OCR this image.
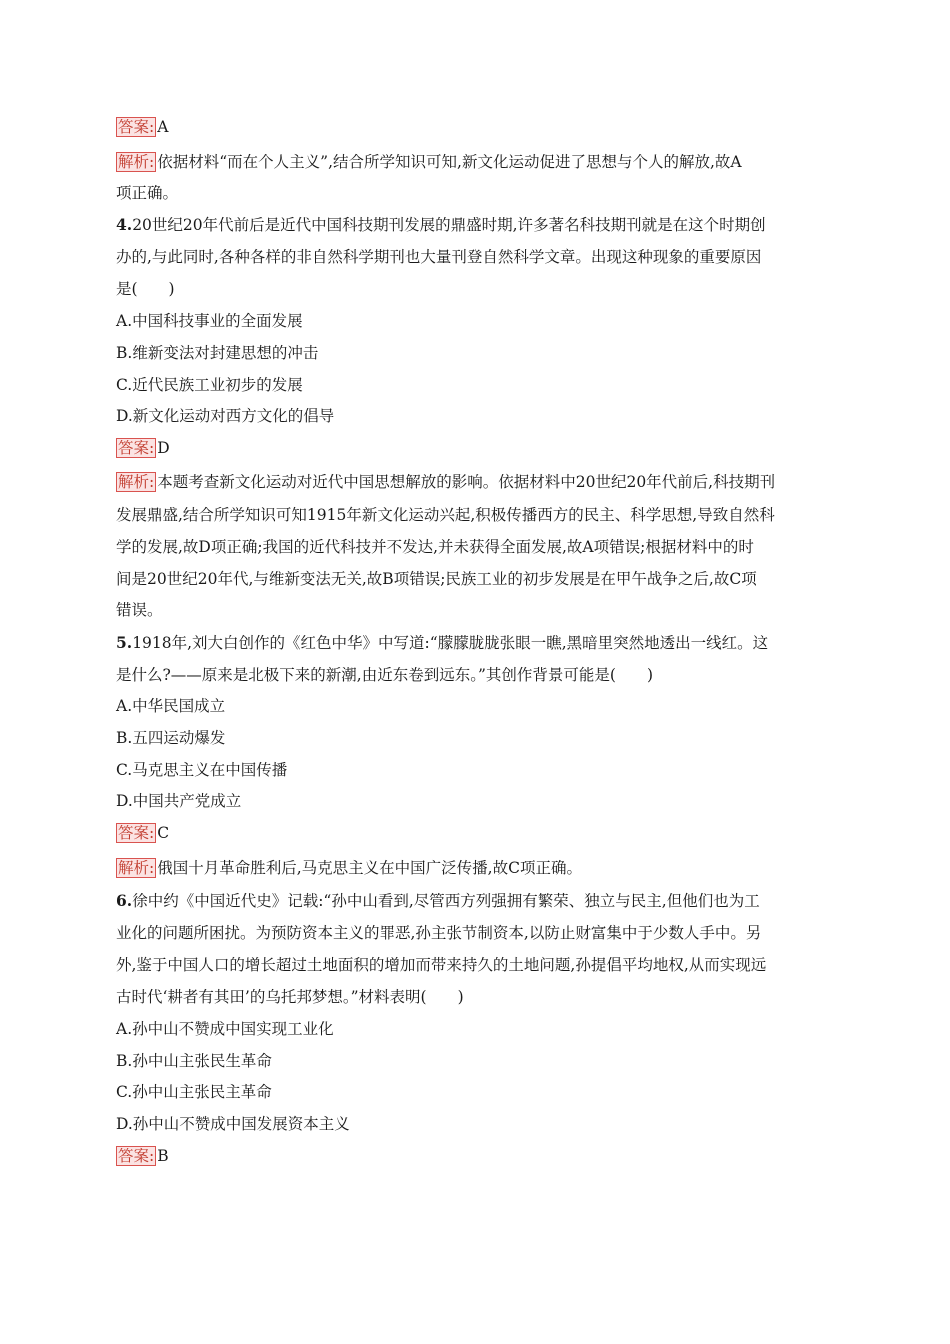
答案: A
解析: 依据材料“而在个人主义”,结合所学知识可知,新文化运动促进了思想与个人的解放,故A
项正确。
4.20世纪20年代前后是近代中国科技期刊发展的鼎盛时期,许多著名科技期刊就是在这个时期创
办的,与此同时,各种各样的非自然科学期刊也大量刊登自然科学文章。出现这种现象的重要原因
是(　　)
A.中国科技事业的全面发展
B.维新变法对封建思想的冲击
C.近代民族工业初步的发展
D.新文化运动对西方文化的倡导
答案: D
解析: 本题考查新文化运动对近代中国思想解放的影响。依据材料中20世纪20年代前后,科技期刊
发展鼎盛,结合所学知识可知1915年新文化运动兴起,积极传播西方的民主、科学思想,导致自然科
学的发展,故D项正确;我国的近代科技并不发达,并未获得全面发展,故A项错误;根据材料中的时
间是20世纪20年代,与维新变法无关,故B项错误;民族工业的初步发展是在甲午战争之后,故C项
错误。
5.1918年,刘大白创作的《红色中华》中写道:“朦朦胧胧张眼一瞧,黑暗里突然地透出一线红。这
是什么?——原来是北极下来的新潮,由近东卷到远东。”其创作背景可能是(　　)
A.中华民国成立
B.五四运动爆发
C.马克思主义在中国传播
D.中国共产党成立
答案: C
解析: 俄国十月革命胜利后,马克思主义在中国广泛传播,故C项正确。
6.徐中约《中国近代史》记载:“孙中山看到,尽管西方列强拥有繁荣、独立与民主,但他们也为工
业化的问题所困扰。为预防资本主义的罪恶,孙主张节制资本,以防止财富集中于少数人手中。另
外,鉴于中国人口的增长超过土地面积的增加而带来持久的土地问题,孙提倡平均地权,从而实现远
古时代‘耕者有其田’的乌托邦梦想。”材料表明(　　)
A.孙中山不赞成中国实现工业化
B.孙中山主张民生革命
C.孙中山主张民主革命
D.孙中山不赞成中国发展资本主义
答案: B
